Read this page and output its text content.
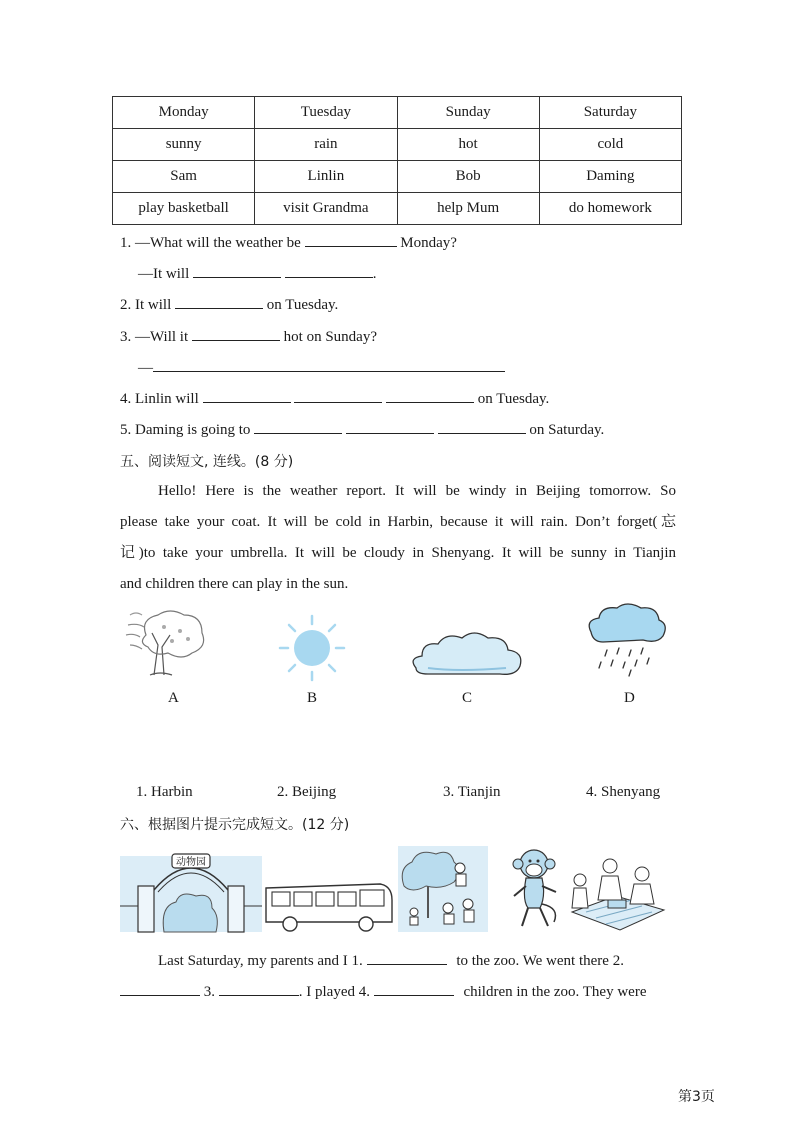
Monday	Tuesday	Sunday	Saturday
sunny	rain	hot	cold
Sam	Linlin	Bob	Daming
play basketball	visit Grandma	help Mum	do homework
1. —What will the weather be	Monday?
—It will	.
2. It will	on Tuesday.
3. —Will it	hot on Sunday?
—
4. Linlin will	on Tuesday.
5. Daming is going to	on Saturday.
五、阅读短文, 连线。(8 分)
Hello! Here is the weather report. It will be windy in Beijing tomorrow. So
please take your coat. It will be cold in Harbin, because it will rain. Don’t forget(忘
记)to take your umbrella. It will be cloudy in Shenyang. It will be sunny in Tianjin
and children there can play in the sun.
A	B	C	D
1. Harbin	2. Beijing	3. Tianjin	4. Shenyang
六、根据图片提示完成短文。(12 分)
动物园
Last Saturday, my parents and I 1.	to the zoo. We went there 2.
3.	. I played 4.	children in the zoo. They were
第3页
